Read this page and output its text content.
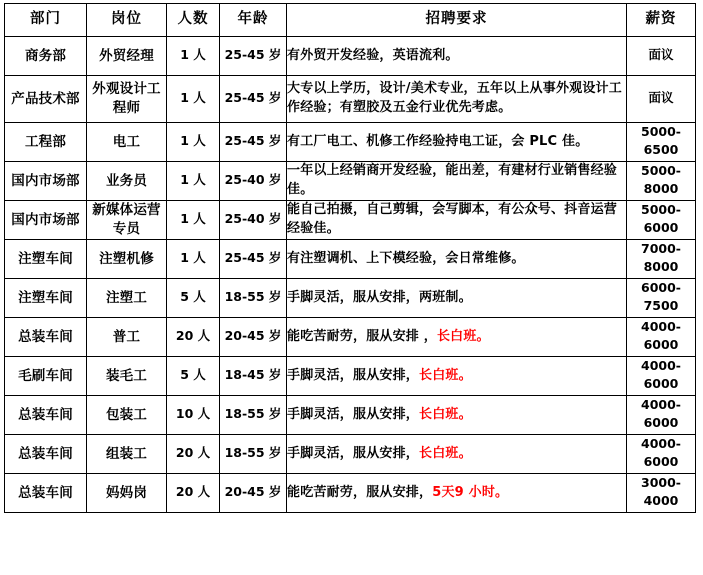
部门	岗位	人数	年龄	招聘要求	薪资
商务部	外贸经理	1 人	25-45 岁	有外贸开发经验，英语流利。	面议
产品技术部	外观设计工程师	1 人	25-45 岁	大专以上学历，设计/美术专业，五年以上从事外观设计工作经验；有塑胶及五金行业优先考虑。	面议
工程部	电工	1 人	25-45 岁	有工厂电工、机修工作经验持电工证，会 PLC 佳。	5000-6500
国内市场部	业务员	1 人	25-40 岁	一年以上经销商开发经验，能出差，有建材行业销售经验佳。	5000-8000
国内市场部	新媒体运营专员	1 人	25-40 岁	能自己拍摄，自己剪辑，会写脚本，有公众号、抖音运营经验佳。	5000-6000
注塑车间	注塑机修	1 人	25-45 岁	有注塑调机、上下模经验，会日常维修。	7000-8000
注塑车间	注塑工	5 人	18-55 岁	手脚灵活，服从安排，两班制。	6000-7500
总装车间	普工	20 人	20-45 岁	能吃苦耐劳，服从安排 ，长白班。	4000-6000
毛刷车间	装毛工	5 人	18-45 岁	手脚灵活，服从安排，长白班。	4000-6000
总装车间	包装工	10 人	18-55 岁	手脚灵活，服从安排，长白班。	4000-6000
总装车间	组装工	20 人	18-55 岁	手脚灵活，服从安排，长白班。	4000-6000
总装车间	妈妈岗	20 人	20-45 岁	能吃苦耐劳，服从安排，5天9 小时。	3000-4000
